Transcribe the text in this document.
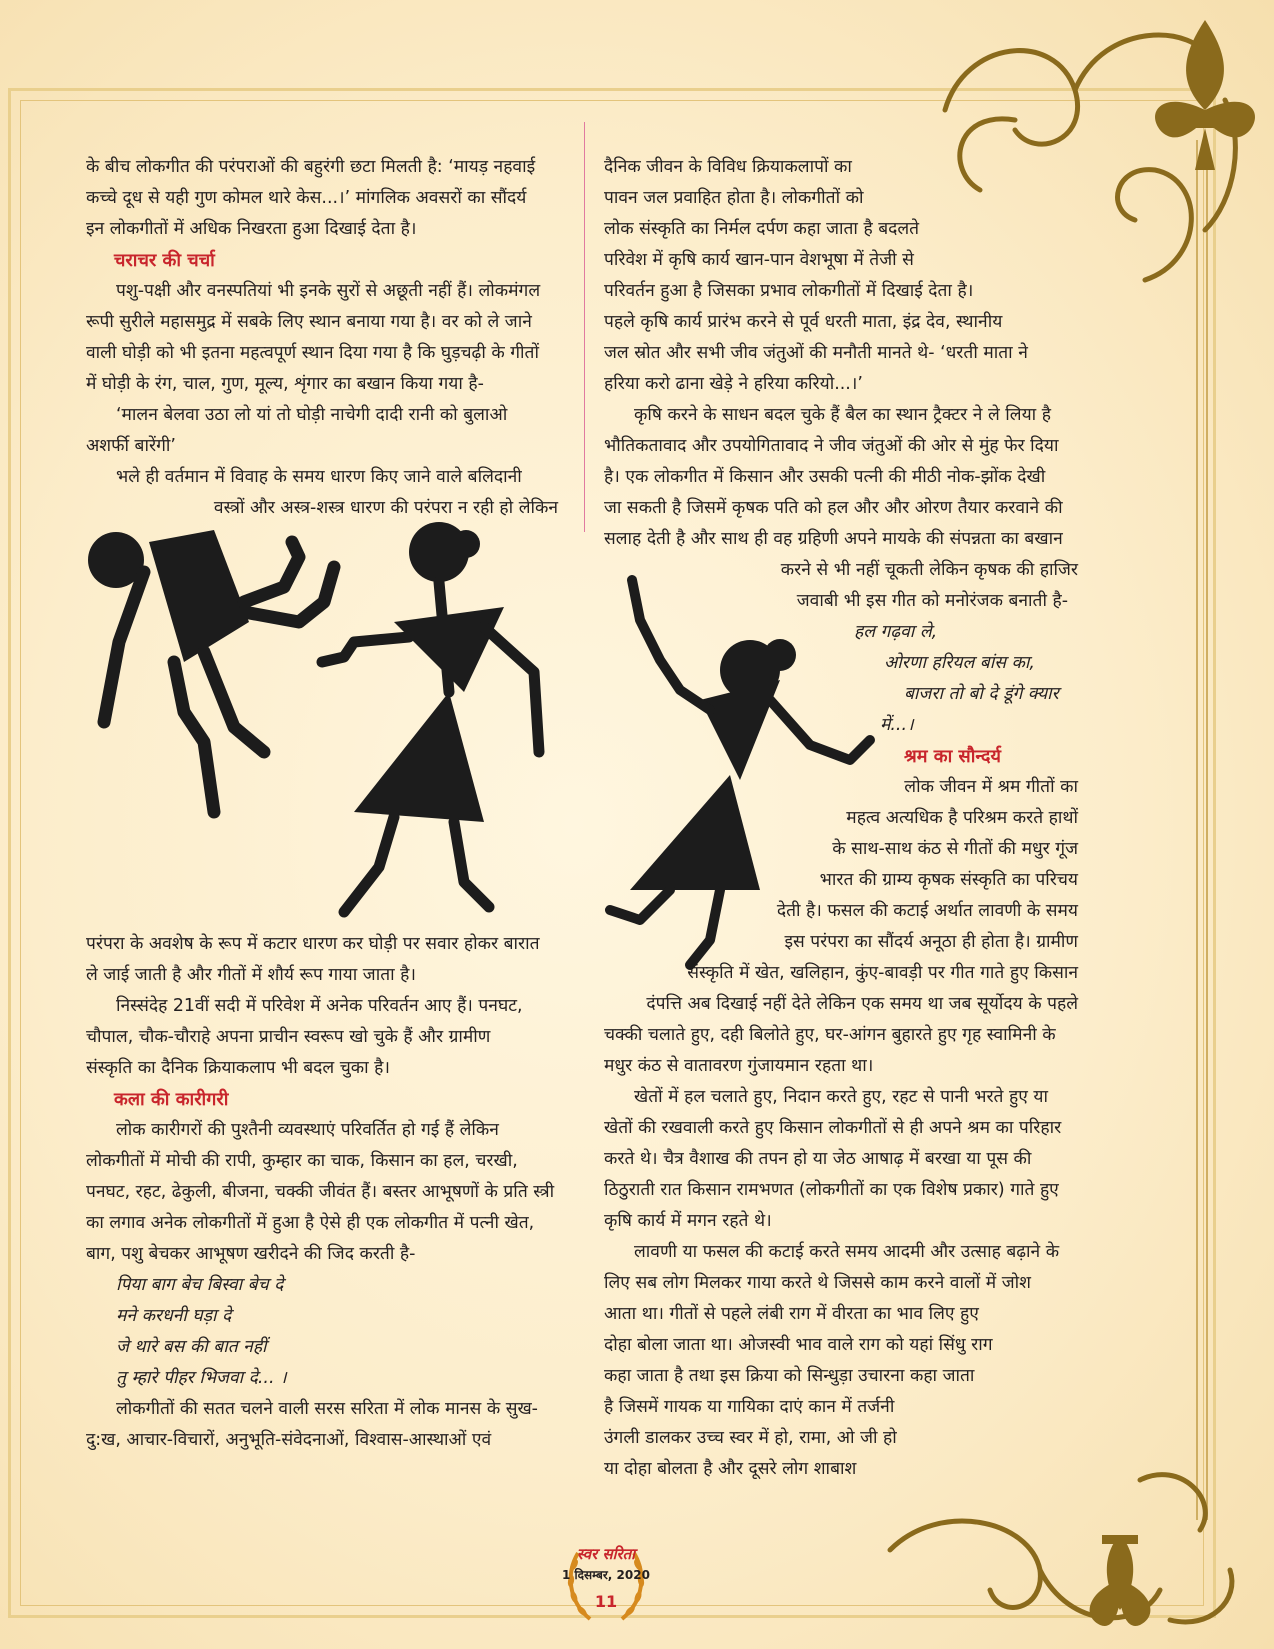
के बीच लोकगीत की परंपराओं की बहुरंगी छटा मिलती है: ‘मायड़ नहवाई

कच्चे दूध से यही गुण कोमल थारे केस...।’ मांगलिक अवसरों का सौंदर्य

इन लोकगीतों में अधिक निखरता हुआ दिखाई देता है।

चराचर की चर्चा

पशु-पक्षी और वनस्पतियां भी इनके सुरों से अछूती नहीं हैं। लोकमंगल

रूपी सुरीले महासमुद्र में सबके लिए स्थान बनाया गया है। वर को ले जाने

वाली घोड़ी को भी इतना महत्वपूर्ण स्थान दिया गया है कि घुड़चढ़ी के गीतों

में घोड़ी के रंग, चाल, गुण, मूल्य, शृंगार का बखान किया गया है-

‘मालन बेलवा उठा लो यां तो घोड़ी नाचेगी दादी रानी को बुलाओ

अशर्फी बारेंगी’

भले ही वर्तमान में विवाह के समय धारण किए जाने वाले बलिदानी

वस्त्रों और अस्त्र-शस्त्र धारण की परंपरा न रही हो लेकिन

परंपरा के अवशेष के रूप में कटार धारण कर घोड़ी पर सवार होकर बारात

ले जाई जाती है और गीतों में शौर्य रूप गाया जाता है।

निस्संदेह 21वीं सदी में परिवेश में अनेक परिवर्तन आए हैं। पनघट,

चौपाल, चौक-चौराहे अपना प्राचीन स्वरूप खो चुके हैं और ग्रामीण

संस्कृति का दैनिक क्रियाकलाप भी बदल चुका है।

कला की कारीगरी

लोक कारीगरों की पुश्तैनी व्यवस्थाएं परिवर्तित हो गई हैं लेकिन

लोकगीतों में मोची की रापी, कुम्हार का चाक, किसान का हल, चरखी,

पनघट, रहट, ढेकुली, बीजना, चक्की जीवंत हैं। बस्तर आभूषणों के प्रति स्त्री

का लगाव अनेक लोकगीतों में हुआ है ऐसे ही एक लोकगीत में पत्नी खेत,

बाग, पशु बेचकर आभूषण खरीदने की जिद करती है-

पिया बाग बेच बिस्वा बेच दे

मने करधनी घड़ा दे

जे थारे बस की बात नहीं

तु म्हारे पीहर भिजवा दे... ।

लोकगीतों की सतत चलने वाली सरस सरिता में लोक मानस के सुख-

दु:ख, आचार-विचारों, अनुभूति-संवेदनाओं, विश्वास-आस्थाओं एवं

दैनिक जीवन के विविध क्रियाकलापों का

पावन जल प्रवाहित होता है। लोकगीतों को

लोक संस्कृति का निर्मल दर्पण कहा जाता है बदलते

परिवेश में कृषि कार्य खान-पान वेशभूषा में तेजी से

परिवर्तन हुआ है जिसका प्रभाव लोकगीतों में दिखाई देता है।

पहले कृषि कार्य प्रारंभ करने से पूर्व धरती माता, इंद्र देव, स्थानीय

जल स्रोत और सभी जीव जंतुओं की मनौती मानते थे- ‘धरती माता ने

हरिया करो ढाना खेड़े ने हरिया करियो...।’

कृषि करने के साधन बदल चुके हैं बैल का स्थान ट्रैक्टर ने ले लिया है

भौतिकतावाद और उपयोगितावाद ने जीव जंतुओं की ओर से मुंह फेर दिया

है। एक लोकगीत में किसान और उसकी पत्नी की मीठी नोक-झोंक देखी

जा सकती है जिसमें कृषक पति को हल और और ओरण तैयार करवाने की

सलाह देती है और साथ ही वह ग्रहिणी अपने मायके की संपन्नता का बखान

करने से भी नहीं चूकती लेकिन कृषक की हाजिर

जवाबी भी इस गीत को मनोरंजक बनाती है-

हल गढ़वा ले,

ओरणा हरियल बांस का,

बाजरा तो बो दे डूंगे क्यार

में...।

श्रम का सौन्दर्य

लोक जीवन में श्रम गीतों का

महत्व अत्यधिक है परिश्रम करते हाथों

के साथ-साथ कंठ से गीतों की मधुर गूंज

भारत की ग्राम्य कृषक संस्कृति का परिचय

देती है। फसल की कटाई अर्थात लावणी के समय

इस परंपरा का सौंदर्य अनूठा ही होता है। ग्रामीण

संस्कृति में खेत, खलिहान, कुंए-बावड़ी पर गीत गाते हुए किसान

दंपत्ति अब दिखाई नहीं देते लेकिन एक समय था जब सूर्योदय के पहले

चक्की चलाते हुए, दही बिलोते हुए, घर-आंगन बुहारते हुए गृह स्वामिनी के

मधुर कंठ से वातावरण गुंजायमान रहता था।

खेतों में हल चलाते हुए, निदान करते हुए, रहट से पानी भरते हुए या

खेतों की रखवाली करते हुए किसान लोकगीतों से ही अपने श्रम का परिहार

करते थे। चैत्र वैशाख की तपन हो या जेठ आषाढ़ में बरखा या पूस की

ठिठुराती रात किसान रामभणत (लोकगीतों का एक विशेष प्रकार) गाते हुए

कृषि कार्य में मगन रहते थे।

लावणी या फसल की कटाई करते समय आदमी और उत्साह बढ़ाने के

लिए सब लोग मिलकर गाया करते थे जिससे काम करने वालों में जोश

आता था। गीतों से पहले लंबी राग में वीरता का भाव लिए हुए

दोहा बोला जाता था। ओजस्वी भाव वाले राग को यहां सिंधु राग

कहा जाता है तथा इस क्रिया को सिन्धुड़ा उचारना कहा जाता

है जिसमें गायक या गायिका दाएं कान में तर्जनी

उंगली डालकर उच्च स्वर में हो, रामा, ओ जी हो

या दोहा बोलता है और दूसरे लोग शाबाश

स्वर सरिता
1 दिसम्बर, 2020
11
